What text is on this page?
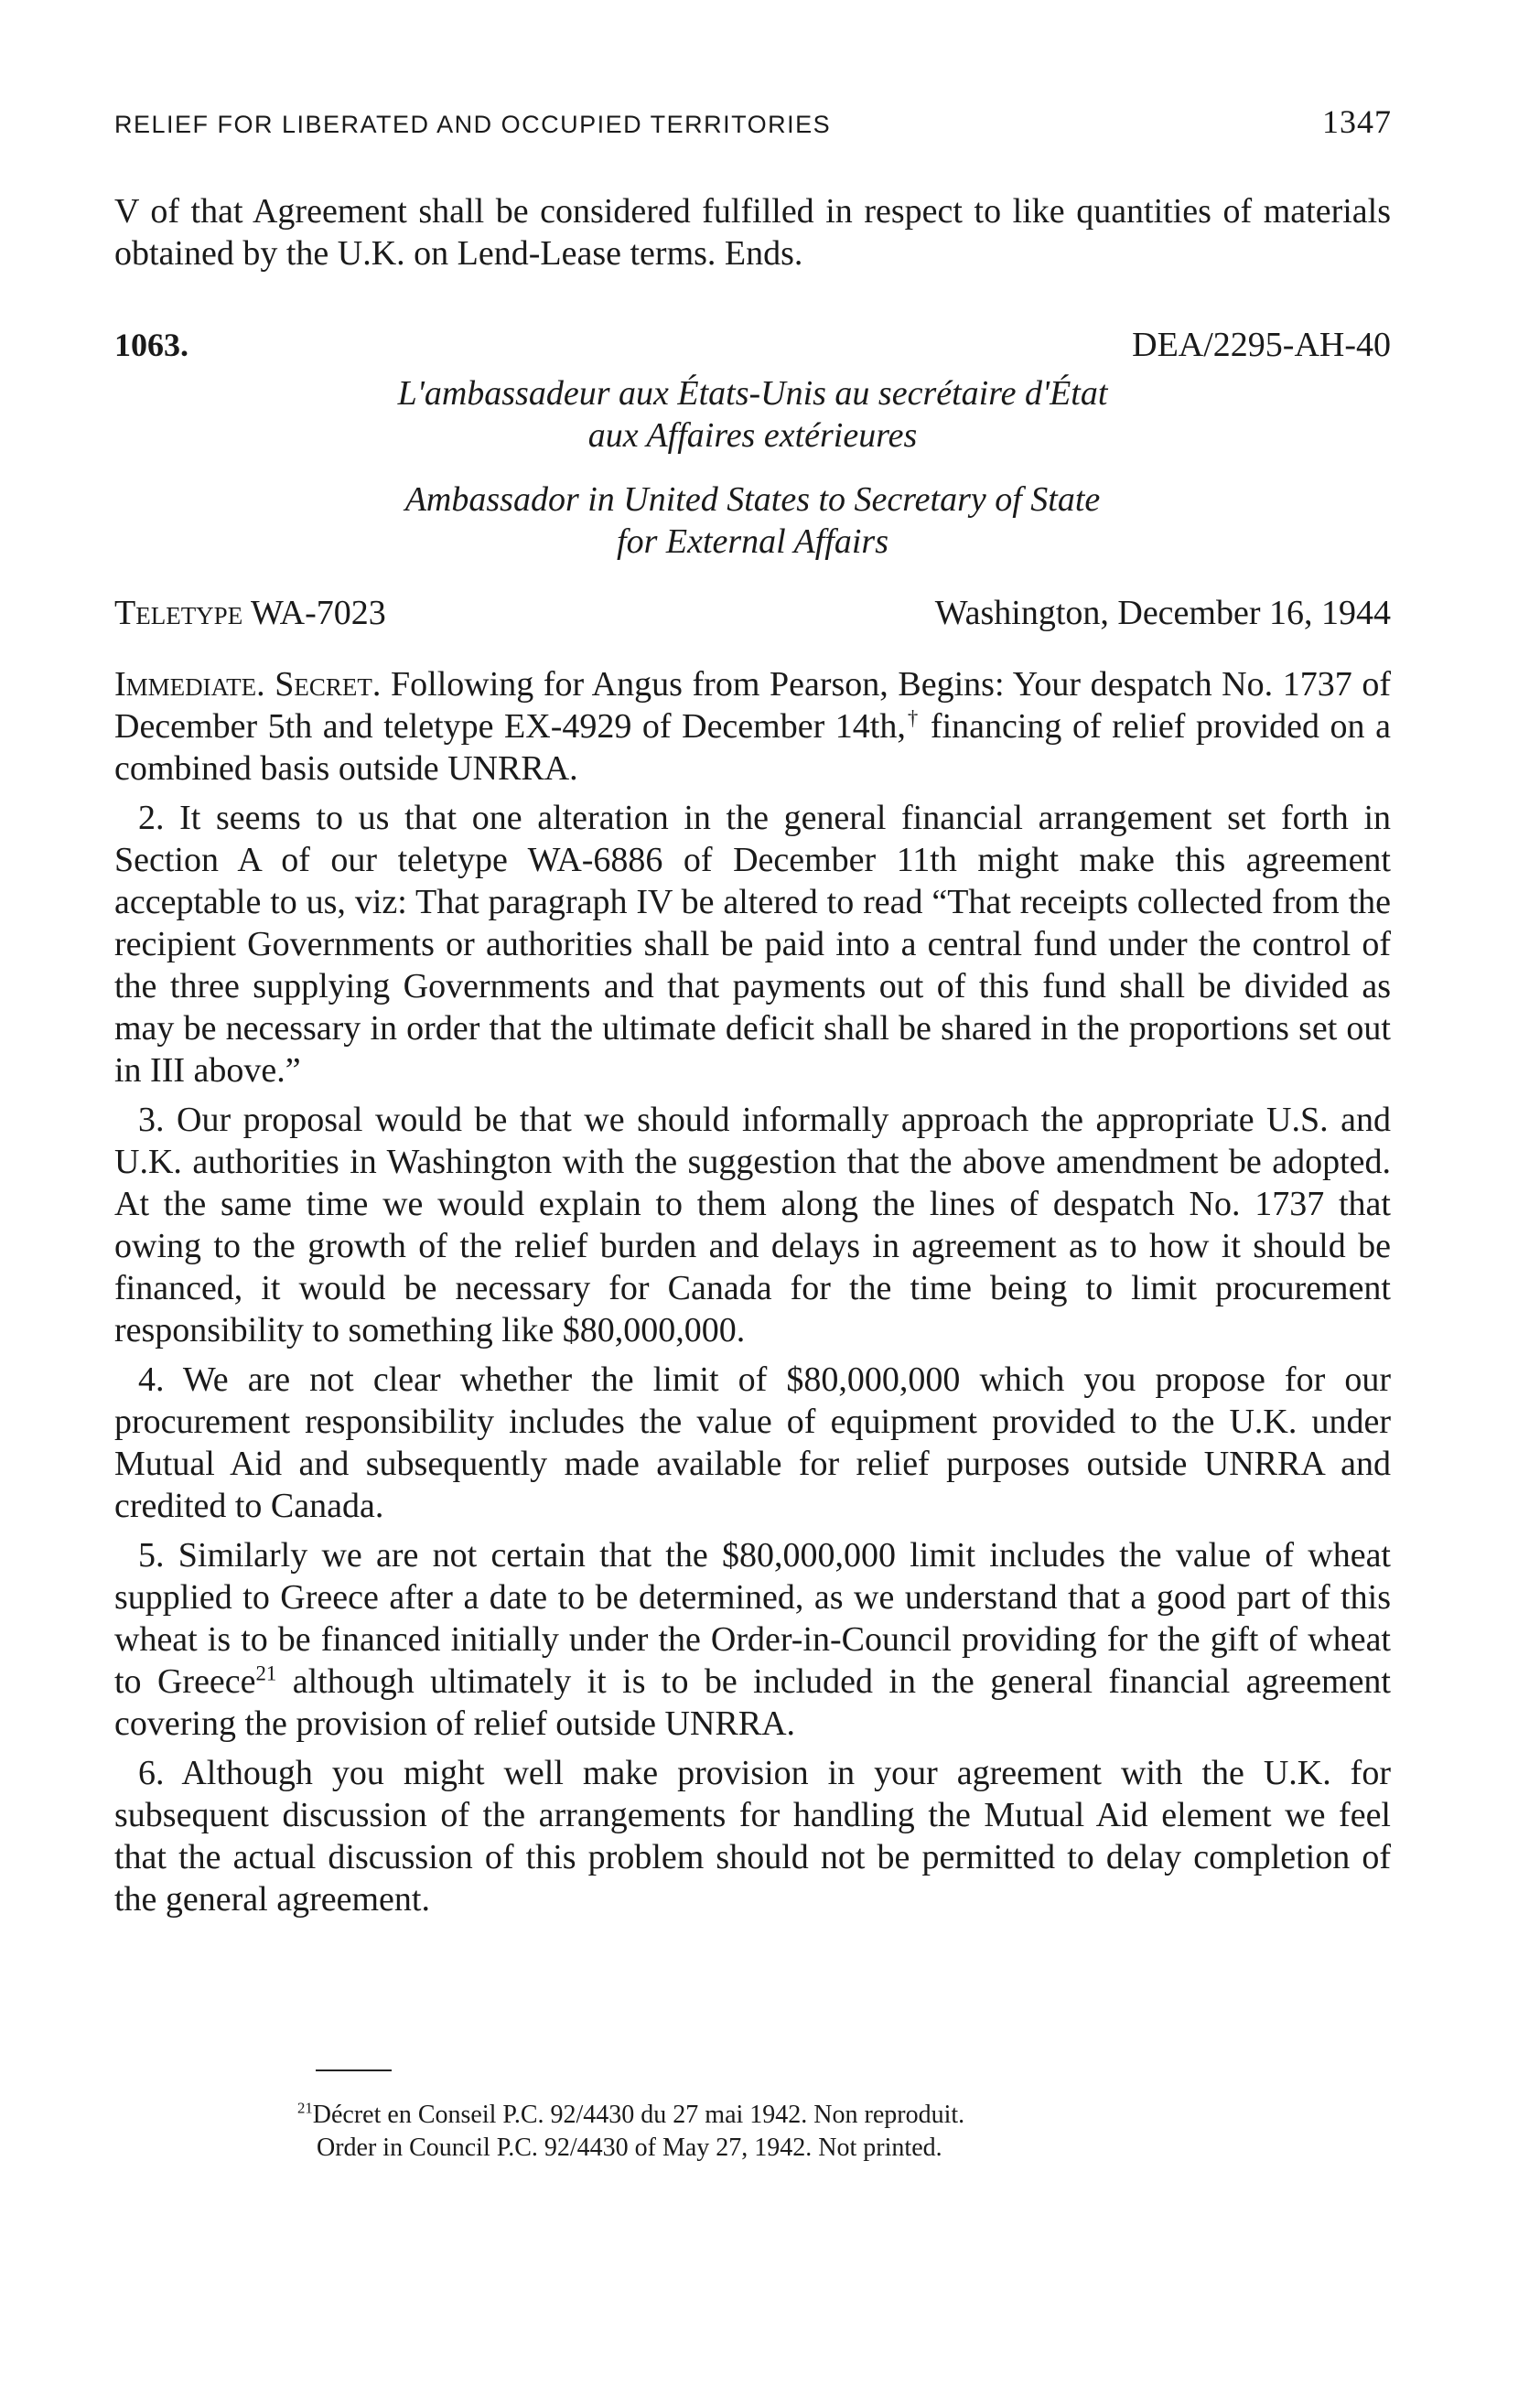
RELIEF FOR LIBERATED AND OCCUPIED TERRITORIES	1347

V of that Agreement shall be considered fulfilled in respect to like quantities of materials obtained by the U.K. on Lend-Lease terms. Ends.

1063.	DEA/2295-AH-40
L'ambassadeur aux États-Unis au secrétaire d'État
aux Affaires extérieures
Ambassador in United States to Secretary of State
for External Affairs
Teletype WA-7023	Washington, December 16, 1944

Immediate. Secret. Following for Angus from Pearson, Begins: Your despatch No. 1737 of December 5th and teletype EX-4929 of December 14th,† financing of relief provided on a combined basis outside UNRRA.

2. It seems to us that one alteration in the general financial arrangement set forth in Section A of our teletype WA-6886 of December 11th might make this agreement acceptable to us, viz: That paragraph IV be altered to read “That receipts collected from the recipient Governments or authorities shall be paid into a central fund under the control of the three supplying Governments and that payments out of this fund shall be divided as may be necessary in order that the ultimate deficit shall be shared in the proportions set out in III above.”

3. Our proposal would be that we should informally approach the appropriate U.S. and U.K. authorities in Washington with the suggestion that the above amendment be adopted. At the same time we would explain to them along the lines of despatch No. 1737 that owing to the growth of the relief burden and delays in agreement as to how it should be financed, it would be necessary for Canada for the time being to limit procurement responsibility to something like $80,000,000.

4. We are not clear whether the limit of $80,000,000 which you propose for our procurement responsibility includes the value of equipment provided to the U.K. under Mutual Aid and subsequently made available for relief purposes outside UNRRA and credited to Canada.

5. Similarly we are not certain that the $80,000,000 limit includes the value of wheat supplied to Greece after a date to be determined, as we understand that a good part of this wheat is to be financed initially under the Order-in-Council providing for the gift of wheat to Greece$^{21}$ although ultimately it is to be included in the general financial agreement covering the provision of relief outside UNRRA.

6. Although you might well make provision in your agreement with the U.K. for subsequent discussion of the arrangements for handling the Mutual Aid element we feel that the actual discussion of this problem should not be permitted to delay completion of the general agreement.

$^{21}$Décret en Conseil P.C. 92/4430 du 27 mai 1942. Non reproduit.
Order in Council P.C. 92/4430 of May 27, 1942. Not printed.
